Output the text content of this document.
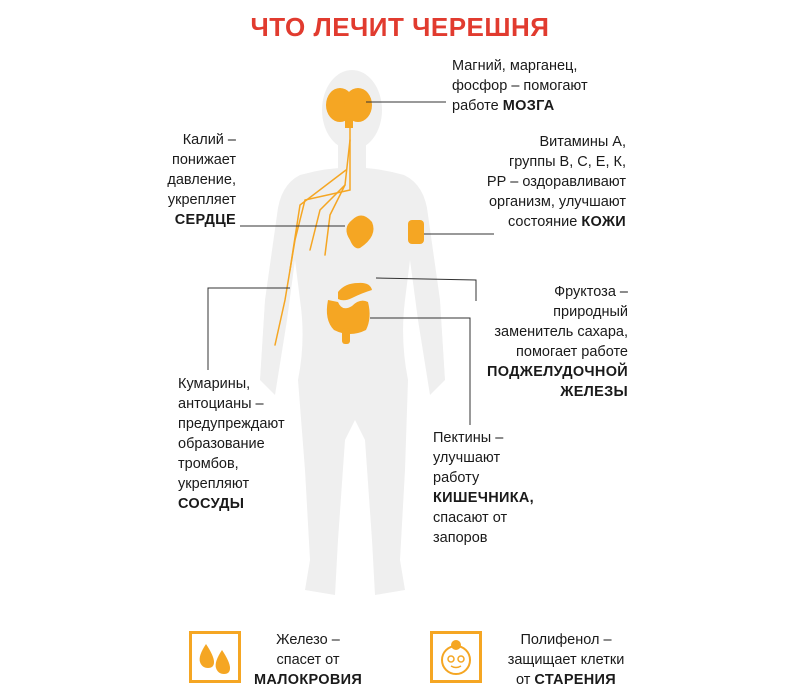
ЧТО ЛЕЧИТ ЧЕРЕШНЯ
Магний, марганец,
фосфор – помогают
работе МОЗГА
Калий –
понижает
давление,
укрепляет
СЕРДЦЕ
Витамины А,
группы В, С, Е, К,
РР – оздоравливают
организм, улучшают
состояние КОЖИ
Фруктоза –
природный
заменитель сахара,
помогает работе
ПОДЖЕЛУДОЧНОЙ
ЖЕЛЕЗЫ
Кумарины,
антоцианы –
предупреждают
образование
тромбов,
укрепляют
СОСУДЫ
Пектины –
улучшают
работу
КИШЕЧНИКА,
спасают от
запоров
Железо –
спасет от
МАЛОКРОВИЯ
Полифенол –
защищает клетки
от СТАРЕНИЯ
